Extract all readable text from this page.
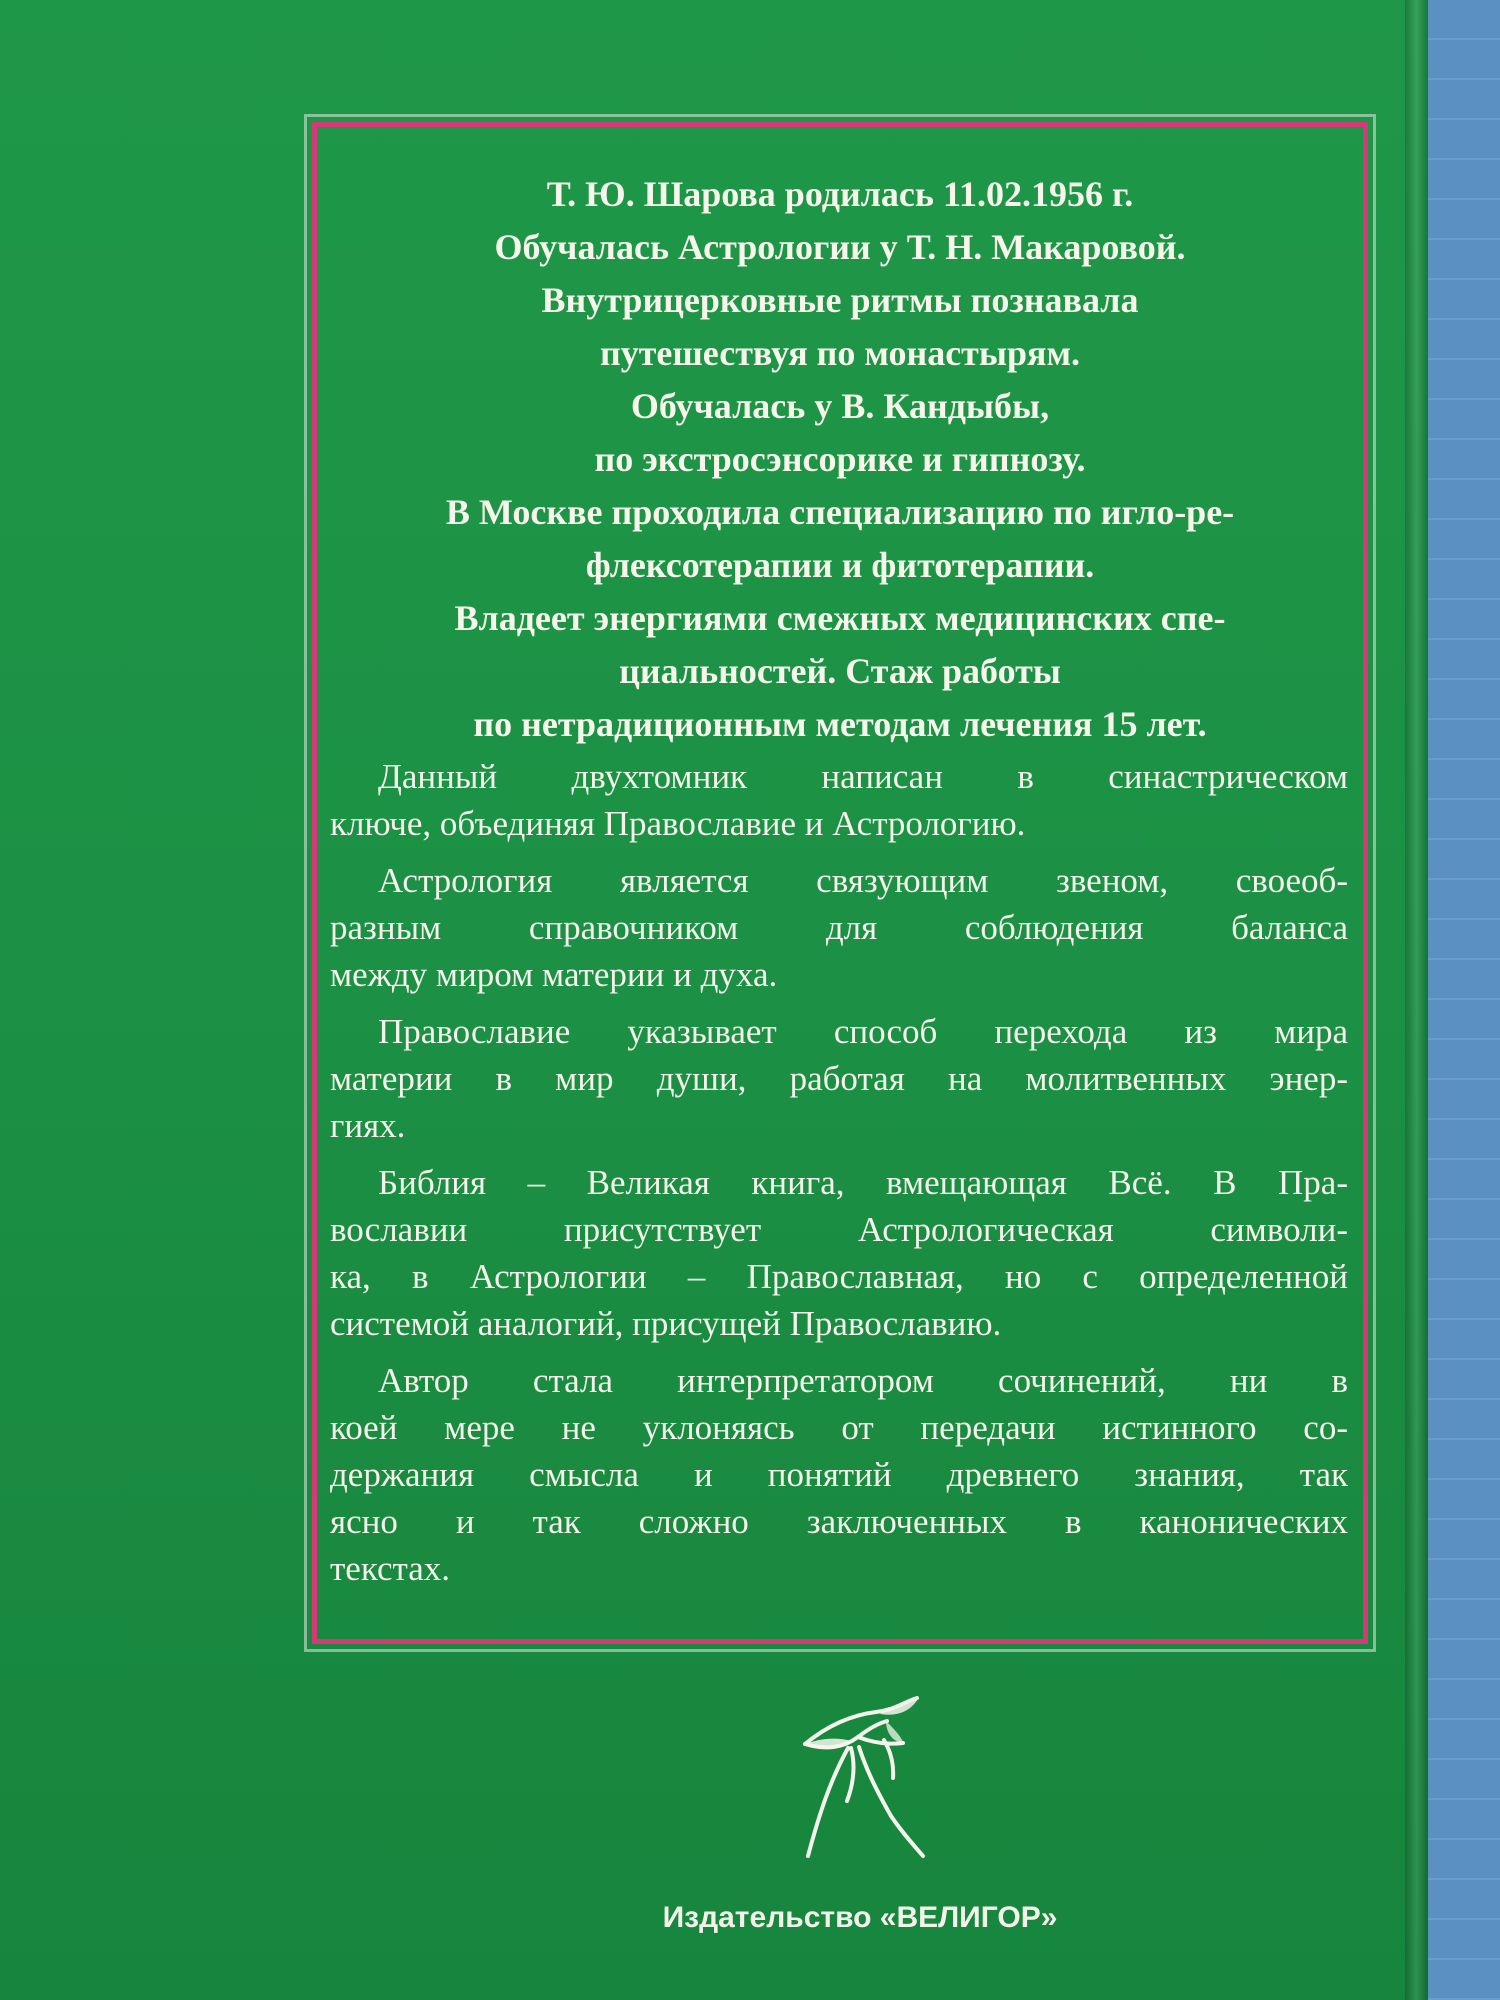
Т. Ю. Шарова родилась 11.02.1956 г.
Обучалась Астрологии у Т. Н. Макаровой.
Внутрицерковные ритмы познавала
путешествуя по монастырям.
Обучалась у В. Кандыбы,
по экстросэнсорике и гипнозу.
В Москве проходила специализацию по игло-ре-
флексотерапии и фитотерапии.
Владеет энергиями смежных медицинских спе-
циальностей. Стаж работы
по нетрадиционным методам лечения 15 лет.
Данный двухтомник написан в синастрическом
ключе, объединяя Православие и Астрологию.
Астрология является связующим звеном, своеоб-
разным справочником для соблюдения баланса
между миром материи и духа.
Православие указывает способ перехода из мира
материи в мир души, работая на молитвенных энер-
гиях.
Библия – Великая книга, вмещающая Всё. В Пра-
вославии присутствует Астрологическая символи-
ка, в Астрологии – Православная, но с определенной
системой аналогий, присущей Православию.
Автор стала интерпретатором сочинений, ни в
коей мере не уклоняясь от передачи истинного со-
держания смысла и понятий древнего знания, так
ясно и так сложно заключенных в канонических
текстах.
Издательство «ВЕЛИГОР»
